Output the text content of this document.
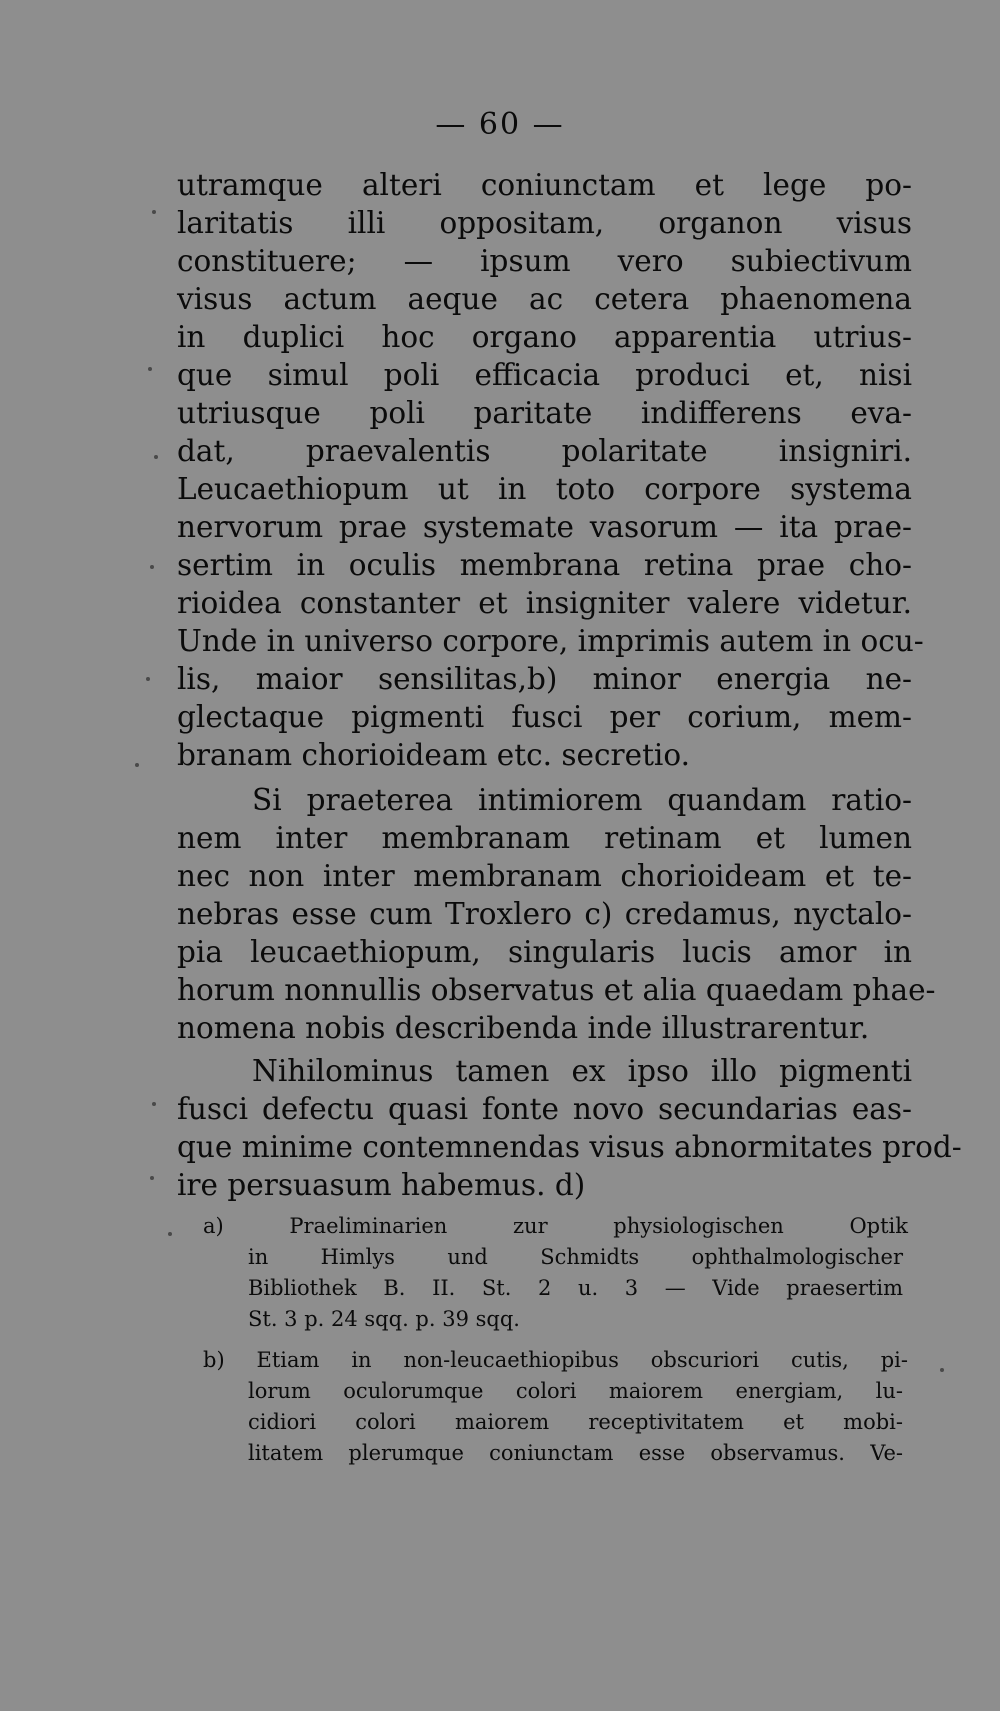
— 60 —
utramque alteri coniunctam et lege po-
laritatis illi oppositam, organon visus
constituere; — ipsum vero subiectivum
visus actum aeque ac cetera phaenomena
in duplici hoc organo apparentia utrius-
que simul poli efficacia produci et, nisi
utriusque poli paritate indifferens eva-
dat, praevalentis polaritate insigniri.
Leucaethiopum ut in toto corpore systema
nervorum prae systemate vasorum — ita prae-
sertim in oculis membrana retina prae cho-
rioidea constanter et insigniter valere videtur.
Unde in universo corpore, imprimis autem in ocu-
lis, maior sensilitas,b) minor energia ne-
glectaque pigmenti fusci per corium, mem-
branam chorioideam etc. secretio.
Si praeterea intimiorem quandam ratio-
nem inter membranam retinam et lumen
nec non inter membranam chorioideam et te-
nebras esse cum Troxlero c) credamus, nyctalo-
pia leucaethiopum, singularis lucis amor in
horum nonnullis observatus et alia quaedam phae-
nomena nobis describenda inde illustrarentur.
Nihilominus tamen ex ipso illo pigmenti
fusci defectu quasi fonte novo secundarias eas-
que minime contemnendas visus abnormitates prod-
ire persuasum habemus. d)
a) Praeliminarien zur physiologischen Optik
in Himlys und Schmidts ophthalmologischer
Bibliothek B. II. St. 2 u. 3 — Vide praesertim
St. 3 p. 24 sqq. p. 39 sqq.
b) Etiam in non-leucaethiopibus obscuriori cutis, pi-
lorum oculorumque colori maiorem energiam, lu-
cidiori colori maiorem receptivitatem et mobi-
litatem plerumque coniunctam esse observamus. Ve-
